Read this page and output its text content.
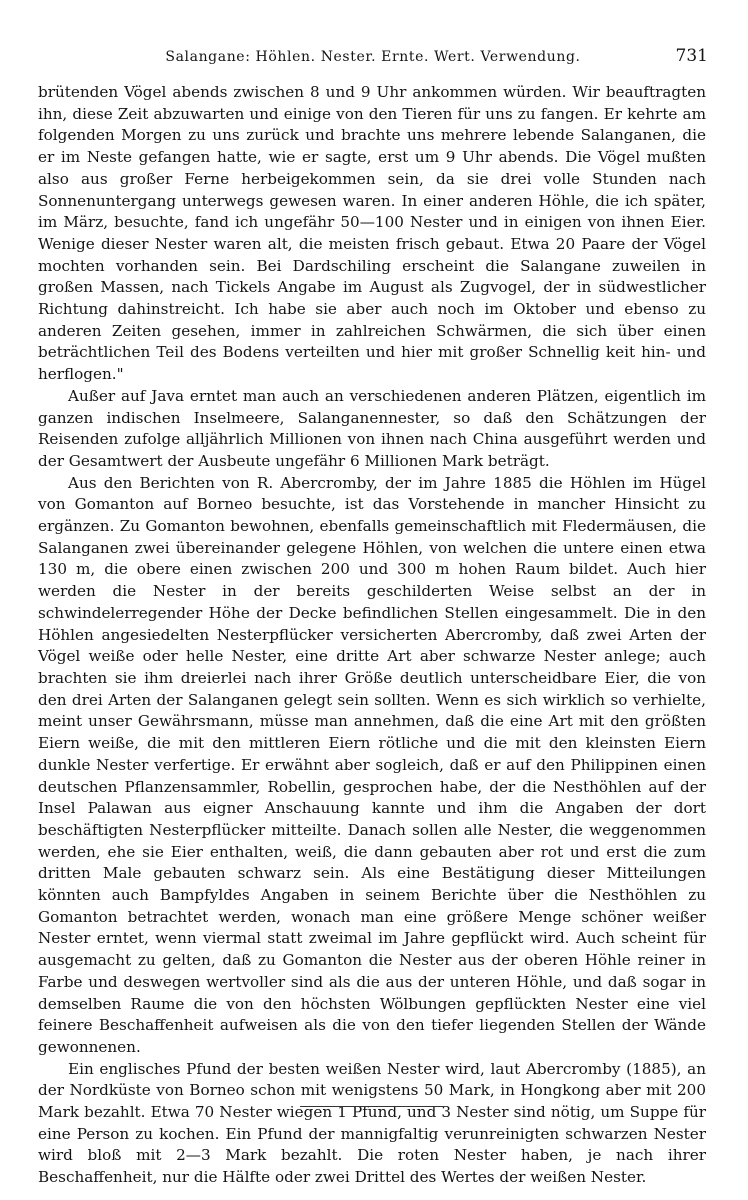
Salangane: Höhlen. Nester. Ernte. Wert. Verwendung.	731

brütenden Vögel abends zwischen 8 und 9 Uhr ankommen würden. Wir beauftragten ihn, diese Zeit abzuwarten und einige von den Tieren für uns zu fangen. Er kehrte am folgenden Morgen zu uns zurück und brachte uns mehrere lebende Salanganen, die er im Neste gefangen hatte, wie er sagte, erst um 9 Uhr abends. Die Vögel mußten also aus großer Ferne herbeigekommen sein, da sie drei volle Stunden nach Sonnenuntergang unterwegs gewesen waren. In einer anderen Höhle, die ich später, im März, besuchte, fand ich ungefähr 50—100 Nester und in einigen von ihnen Eier. Wenige dieser Nester waren alt, die meisten frisch gebaut. Etwa 20 Paare der Vögel mochten vorhanden sein. Bei Dardschiling erscheint die Salangane zuweilen in großen Massen, nach Tickels Angabe im August als Zugvogel, der in südwestlicher Richtung dahinstreicht. Ich habe sie aber auch noch im Oktober und ebenso zu anderen Zeiten gesehen, immer in zahlreichen Schwärmen, die sich über einen beträchtlichen Teil des Bodens verteilten und hier mit großer Schnellig keit hin- und herflogen."

Außer auf Java erntet man auch an verschiedenen anderen Plätzen, eigentlich im ganzen indischen Inselmeere, Salanganennester, so daß den Schätzungen der Reisenden zufolge alljährlich Millionen von ihnen nach China ausgeführt werden und der Gesamtwert der Ausbeute ungefähr 6 Millionen Mark beträgt.

Aus den Berichten von R. Abercromby, der im Jahre 1885 die Höhlen im Hügel von Gomanton auf Borneo besuchte, ist das Vorstehende in mancher Hinsicht zu ergänzen. Zu Gomanton bewohnen, ebenfalls gemeinschaftlich mit Fledermäusen, die Salanganen zwei übereinander gelegene Höhlen, von welchen die untere einen etwa 130 m, die obere einen zwischen 200 und 300 m hohen Raum bildet. Auch hier werden die Nester in der bereits geschilderten Weise selbst an der in schwindelerregender Höhe der Decke befindlichen Stellen eingesammelt. Die in den Höhlen angesiedelten Nesterpflücker versicherten Abercromby, daß zwei Arten der Vögel weiße oder helle Nester, eine dritte Art aber schwarze Nester anlege; auch brachten sie ihm dreierlei nach ihrer Größe deutlich unterscheidbare Eier, die von den drei Arten der Salanganen gelegt sein sollten. Wenn es sich wirklich so verhielte, meint unser Gewährsmann, müsse man annehmen, daß die eine Art mit den größten Eiern weiße, die mit den mittleren Eiern rötliche und die mit den kleinsten Eiern dunkle Nester verfertige. Er erwähnt aber sogleich, daß er auf den Philippinen einen deutschen Pflanzensammler, Robellin, gesprochen habe, der die Nesthöhlen auf der Insel Palawan aus eigner Anschauung kannte und ihm die Angaben der dort beschäftigten Nesterpflücker mitteilte. Danach sollen alle Nester, die weggenommen werden, ehe sie Eier enthalten, weiß, die dann gebauten aber rot und erst die zum dritten Male gebauten schwarz sein. Als eine Bestätigung dieser Mitteilungen könnten auch Bampfyldes Angaben in seinem Berichte über die Nesthöhlen zu Gomanton betrachtet werden, wonach man eine größere Menge schöner weißer Nester erntet, wenn viermal statt zweimal im Jahre gepflückt wird. Auch scheint für ausgemacht zu gelten, daß zu Gomanton die Nester aus der oberen Höhle reiner in Farbe und deswegen wertvoller sind als die aus der unteren Höhle, und daß sogar in demselben Raume die von den höchsten Wölbungen gepflückten Nester eine viel feinere Beschaffenheit aufweisen als die von den tiefer liegenden Stellen der Wände gewonnenen.

Ein englisches Pfund der besten weißen Nester wird, laut Abercromby (1885), an der Nordküste von Borneo schon mit wenigstens 50 Mark, in Hongkong aber mit 200 Mark bezahlt. Etwa 70 Nester wiegen 1 Pfund, und 3 Nester sind nötig, um Suppe für eine Person zu kochen. Ein Pfund der mannigfaltig verunreinigten schwarzen Nester wird bloß mit 2—3 Mark bezahlt. Die roten Nester haben, je nach ihrer Beschaffenheit, nur die Hälfte oder zwei Drittel des Wertes der weißen Nester.
